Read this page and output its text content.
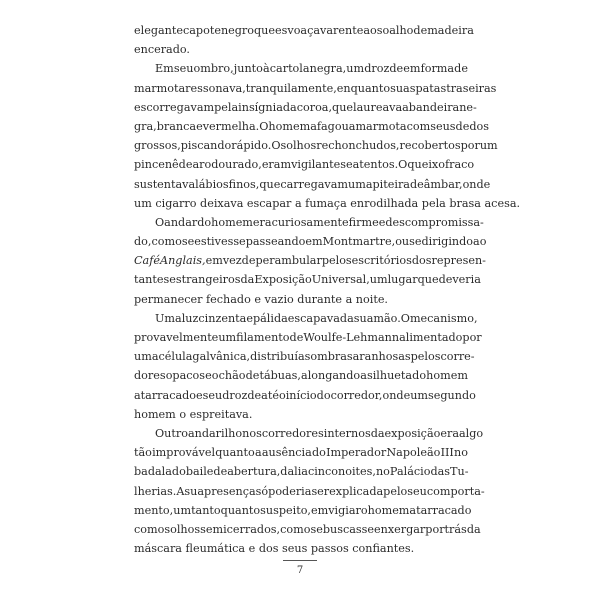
elegante capote negro que esvoaçava rente ao soalho de madeira
encerado.
Em seu ombro, junto à cartola negra, um drozde em forma de
marmota ressonava, tranquilamente, enquanto suas patas traseiras
escorregavam pela insígnia da coroa, que laureava a bandeira ne-
gra, branca e vermelha. O homem afagou a marmota com seus dedos
grossos, piscando rápido. Os olhos rechonchudos, recobertos por um
pincenê de aro dourado, eram vigilantes e atentos. O queixo fraco
sustentava lábios finos, que carregavam uma piteira de âmbar, onde
um cigarro deixava escapar a fumaça enrodilhada pela brasa acesa.
O andar do homem era curiosamente firme e descompromissa-
do, como se estivesse passeando em Montmartre, ou se dirigindo ao
Café Anglais, em vez de perambular pelos escritórios dos represen-
tantes estrangeiros da Exposição Universal, um lugar que deveria
permanecer fechado e vazio durante a noite.
Uma luz cinzenta e pálida escapava da sua mão. O mecanismo,
provavelmente um filamento de Woulfe-Lehmann alimentado por
uma célula galvânica, distribuía sombras aranhosas pelos corre-
dores opacos e o chão de tábuas, alongando a silhueta do homem
atarracado e seu drozde até o início do corredor, onde um segundo
homem o espreitava.
Outro andarilho nos corredores internos da exposição era algo
tão improvável quanto a ausência do Imperador Napoleão III no
badalado baile de abertura, dali a cinco noites, no Palácio das Tu-
lherias. A sua presença só poderia ser explicada pelo seu comporta-
mento, um tanto quanto suspeito, em vigiar o homem atarracado
com os olhos semicerrados, como se buscasse enxergar por trás da
máscara fleumática e dos seus passos confiantes.
7
